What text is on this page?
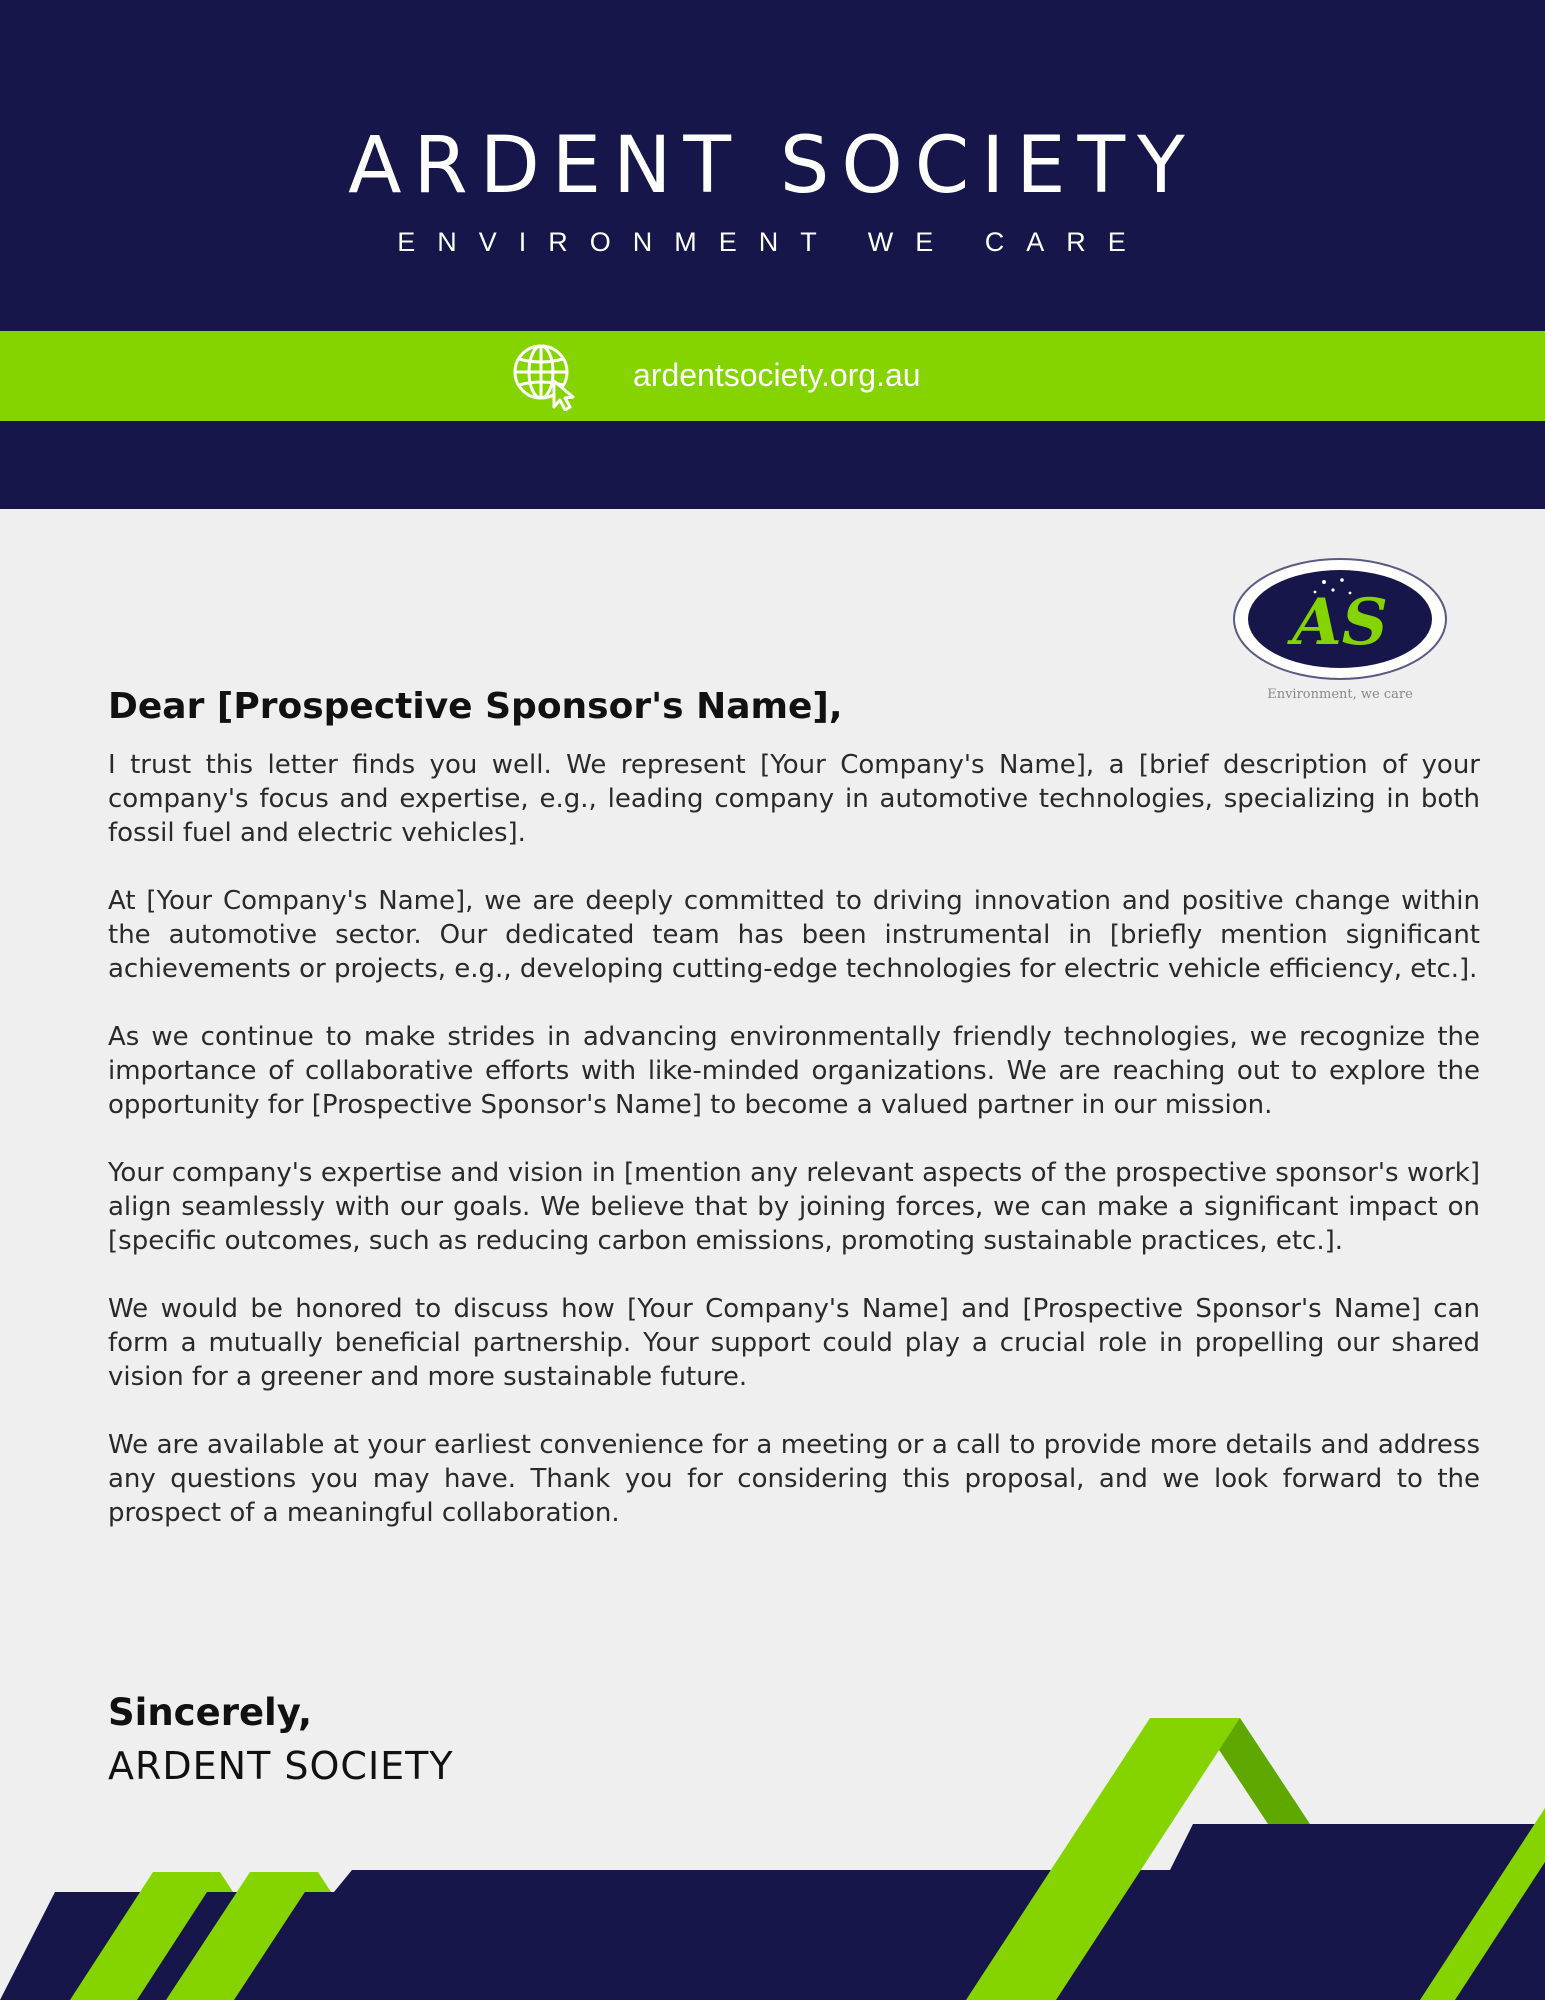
ARDENT SOCIETY
ENVIRONMENT WE CARE
ardentsociety.org.au
AS
Environment, we care
Dear [Prospective Sponsor's Name],

I trust this letter finds you well. We represent [Your Company's Name], a [brief description of your company's focus and expertise, e.g., leading company in automotive technologies, specializing in both fossil fuel and electric vehicles].

At [Your Company's Name], we are deeply committed to driving innovation and positive change within the automotive sector. Our dedicated team has been instrumental in [briefly mention significant achievements or projects, e.g., developing cutting-edge technologies for electric vehicle efficiency, etc.].

As we continue to make strides in advancing environmentally friendly technologies, we recognize the importance of collaborative efforts with like-minded organizations. We are reaching out to explore the opportunity for [Prospective Sponsor's Name] to become a valued partner in our mission.

Your company's expertise and vision in [mention any relevant aspects of the prospective sponsor's work] align seamlessly with our goals. We believe that by joining forces, we can make a significant impact on [specific outcomes, such as reducing carbon emissions, promoting sustainable practices, etc.].

We would be honored to discuss how [Your Company's Name] and [Prospective Sponsor's Name] can form a mutually beneficial partnership. Your support could play a crucial role in propelling our shared vision for a greener and more sustainable future.

We are available at your earliest convenience for a meeting or a call to provide more details and address any questions you may have. Thank you for considering this proposal, and we look forward to the prospect of a meaningful collaboration.

Sincerely,
ARDENT SOCIETY
